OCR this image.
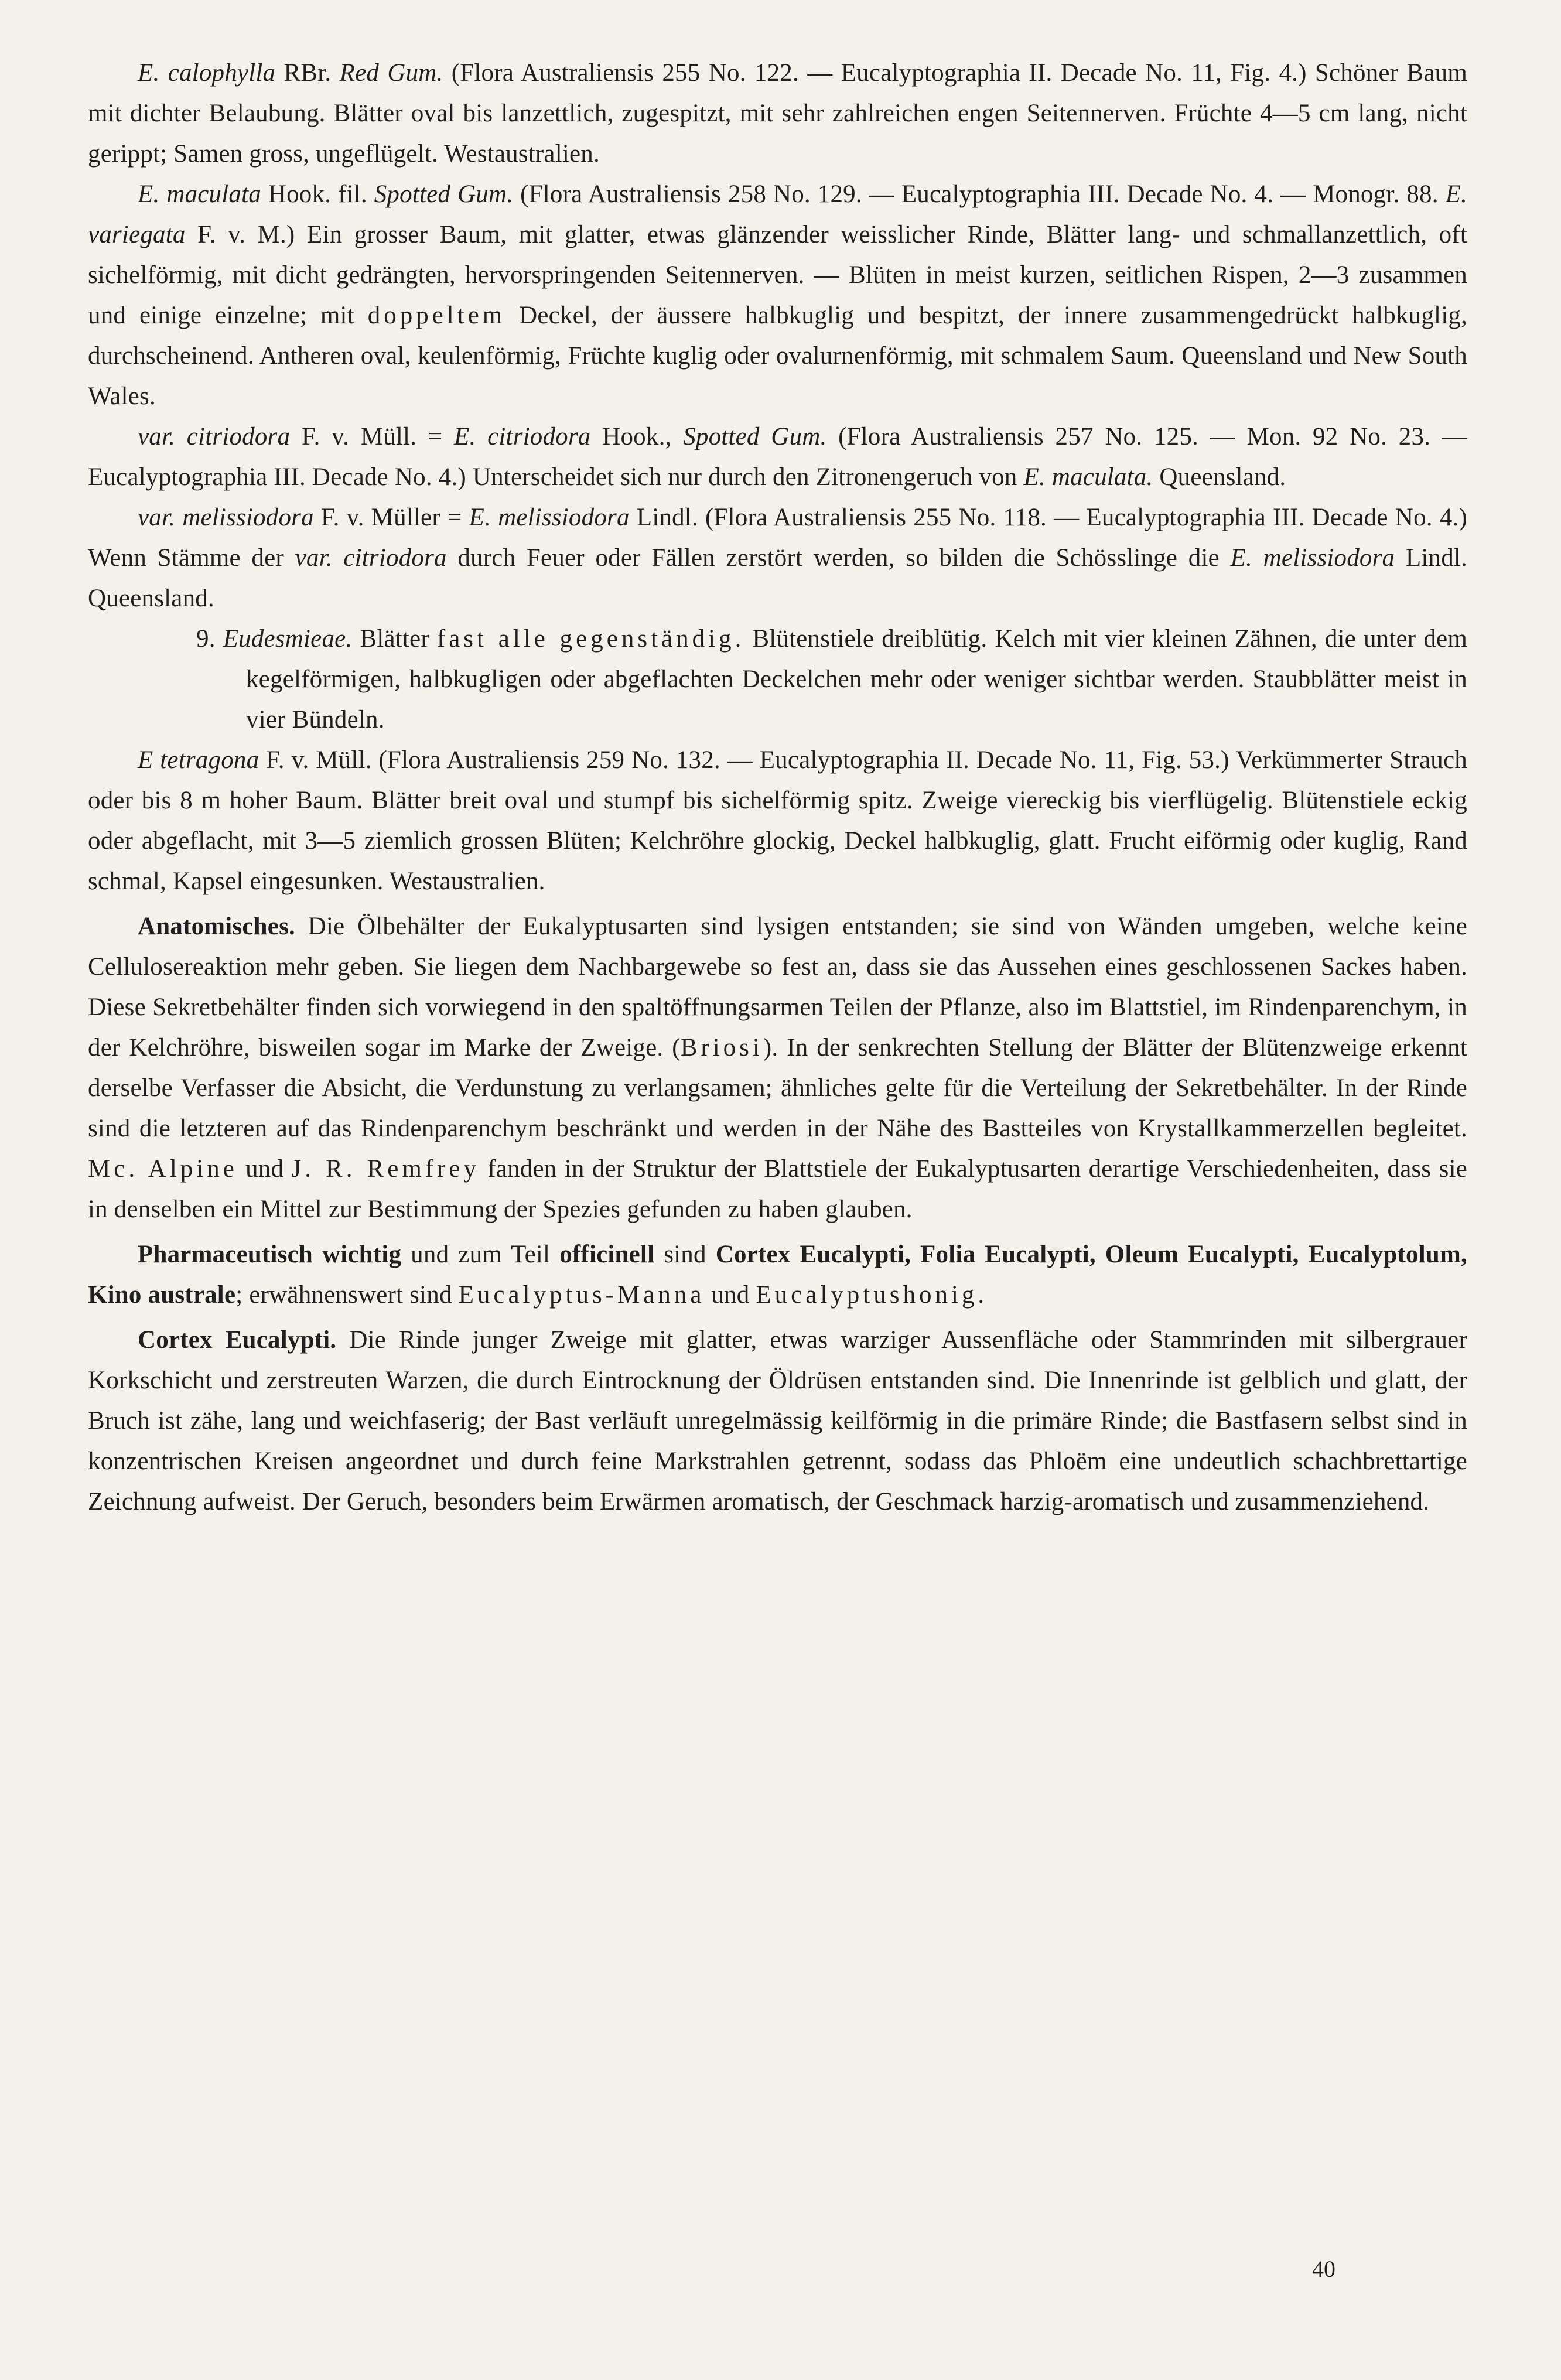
E. calophylla RBr. Red Gum. (Flora Australiensis 255 No. 122. — Eucalyptographia II. Decade No. 11, Fig. 4.) Schöner Baum mit dichter Belaubung. Blätter oval bis lanzettlich, zugespitzt, mit sehr zahlreichen engen Seitennerven. Früchte 4—5 cm lang, nicht gerippt; Samen gross, ungeflügelt. Westaustralien.

E. maculata Hook. fil. Spotted Gum. (Flora Australiensis 258 No. 129. — Eucalyptographia III. Decade No. 4. — Monogr. 88. E. variegata F. v. M.) Ein grosser Baum, mit glatter, etwas glänzender weisslicher Rinde, Blätter lang- und schmallanzettlich, oft sichelförmig, mit dicht gedrängten, hervorspringenden Seitennerven. — Blüten in meist kurzen, seitlichen Rispen, 2—3 zusammen und einige einzelne; mit doppeltem Deckel, der äussere halbkuglig und bespitzt, der innere zusammengedrückt halbkuglig, durchscheinend. Antheren oval, keulenförmig, Früchte kuglig oder ovalurnenförmig, mit schmalem Saum. Queensland und New South Wales.

var. citriodora F. v. Müll. = E. citriodora Hook., Spotted Gum. (Flora Australiensis 257 No. 125. — Mon. 92 No. 23. — Eucalyptographia III. Decade No. 4.) Unterscheidet sich nur durch den Zitronengeruch von E. maculata. Queensland.

var. melissiodora F. v. Müller = E. melissiodora Lindl. (Flora Australiensis 255 No. 118. — Eucalyptographia III. Decade No. 4.) Wenn Stämme der var. citriodora durch Feuer oder Fällen zerstört werden, so bilden die Schösslinge die E. melissiodora Lindl. Queensland.

9. Eudesmieae. Blätter fast alle gegenständig. Blütenstiele dreiblütig. Kelch mit vier kleinen Zähnen, die unter dem kegelförmigen, halbkugligen oder abgeflachten Deckelchen mehr oder weniger sichtbar werden. Staubblätter meist in vier Bündeln.

E tetragona F. v. Müll. (Flora Australiensis 259 No. 132. — Eucalyptographia II. Decade No. 11, Fig. 53.) Verkümmerter Strauch oder bis 8 m hoher Baum. Blätter breit oval und stumpf bis sichelförmig spitz. Zweige viereckig bis vierflügelig. Blütenstiele eckig oder abgeflacht, mit 3—5 ziemlich grossen Blüten; Kelchröhre glockig, Deckel halbkuglig, glatt. Frucht eiförmig oder kuglig, Rand schmal, Kapsel eingesunken. Westaustralien.

Anatomisches. Die Ölbehälter der Eukalyptusarten sind lysigen entstanden; sie sind von Wänden umgeben, welche keine Cellulosereaktion mehr geben. Sie liegen dem Nachbargewebe so fest an, dass sie das Aussehen eines geschlossenen Sackes haben. Diese Sekretbehälter finden sich vorwiegend in den spaltöffnungsarmen Teilen der Pflanze, also im Blattstiel, im Rindenparenchym, in der Kelchröhre, bisweilen sogar im Marke der Zweige. (Briosi). In der senkrechten Stellung der Blätter der Blütenzweige erkennt derselbe Verfasser die Absicht, die Verdunstung zu verlangsamen; ähnliches gelte für die Verteilung der Sekretbehälter. In der Rinde sind die letzteren auf das Rindenparenchym beschränkt und werden in der Nähe des Bastteiles von Krystallkammerzellen begleitet. Mc. Alpine und J. R. Remfrey fanden in der Struktur der Blattstiele der Eukalyptusarten derartige Verschiedenheiten, dass sie in denselben ein Mittel zur Bestimmung der Spezies gefunden zu haben glauben.

Pharmaceutisch wichtig und zum Teil officinell sind Cortex Eucalypti, Folia Eucalypti, Oleum Eucalypti, Eucalyptolum, Kino australe; erwähnenswert sind Eucalyptus-Manna und Eucalyptushonig.

Cortex Eucalypti. Die Rinde junger Zweige mit glatter, etwas warziger Aussenfläche oder Stammrinden mit silbergrauer Korkschicht und zerstreuten Warzen, die durch Eintrocknung der Öldrüsen entstanden sind. Die Innenrinde ist gelblich und glatt, der Bruch ist zähe, lang und weichfaserig; der Bast verläuft unregelmässig keilförmig in die primäre Rinde; die Bastfasern selbst sind in konzentrischen Kreisen angeordnet und durch feine Markstrahlen getrennt, sodass das Phloëm eine undeutlich schachbrettartige Zeichnung aufweist. Der Geruch, besonders beim Erwärmen aromatisch, der Geschmack harzig-aromatisch und zusammenziehend.

40
